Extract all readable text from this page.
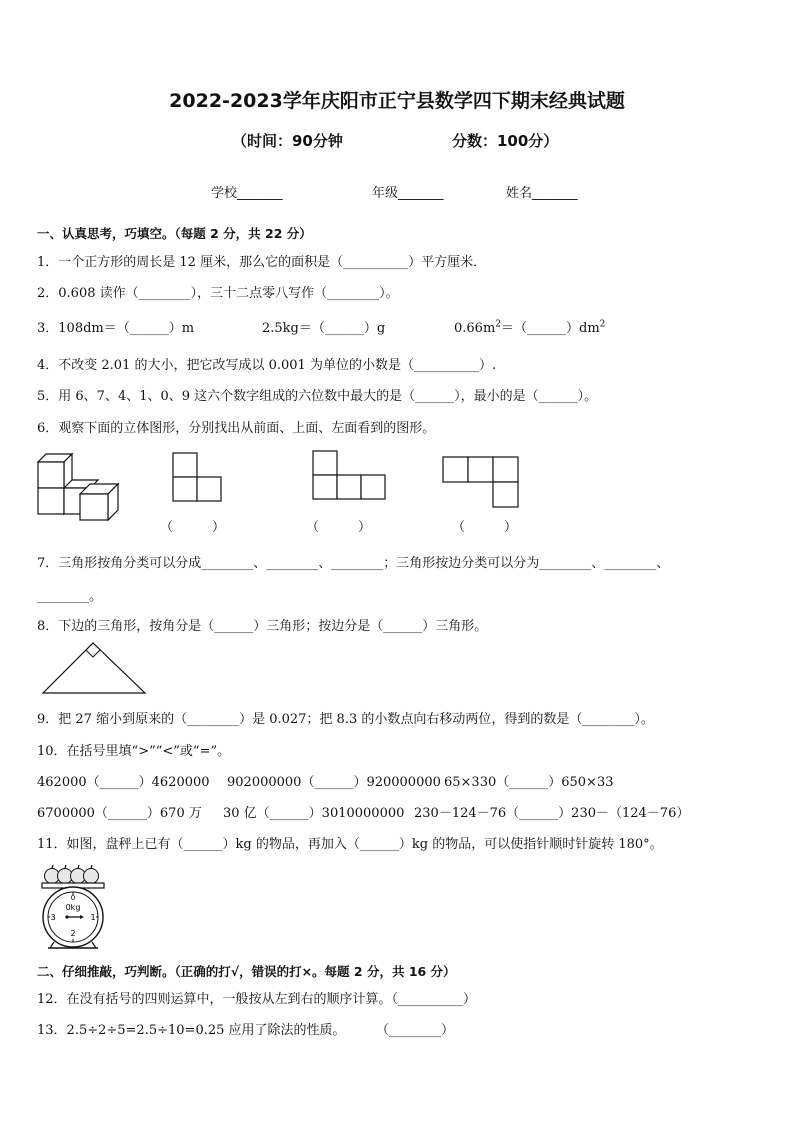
2022-2023学年庆阳市正宁县数学四下期末经典试题
（时间：90分钟	分数：100分）
学校_______	年级_______	姓名_______
一、认真思考，巧填空。（每题 2 分，共 22 分）
1．一个正方形的周长是 12 厘米，那么它的面积是（__________）平方厘米．
2．0.608 读作（________），三十二点零八写作（________）。
3．108dm＝（______）m	2.5kg＝（______）g	$0.66m^2=(\_\_\_\_\_\_)dm^2$
4．不改变 2.01 的大小，把它改写成以 0.001 为单位的小数是（__________）.
5．用 6、7、4、1、0、9 这六个数字组成的六位数中最大的是（______），最小的是（______）。
6．观察下面的立体图形，分别找出从前面、上面、左面看到的图形。
（　　　）	（　　　）	（　　　）
7．三角形按角分类可以分成________、________、________；三角形按边分类可以分为________、________、
________。
8．下边的三角形，按角分是（______）三角形；按边分是（______）三角形。
9．把 27 缩小到原来的（________）是 0.027；把 8.3 的小数点向右移动两位，得到的数是（________）。
10．在括号里填“>”“<”或“=”。
462000（______）4620000 902000000（______）920000000 65×330（______）650×33
6700000（______）670 万 30 亿（______）3010000000 230－124－76（______）230－（124－76）
11．如图，盘秤上已有（______）kg 的物品，再加入（______）kg 的物品，可以使指针顺时针旋转 180°。
0
0kg
3	1
2
二、仔细推敲，巧判断。（正确的打√，错误的打×。每题 2 分，共 16 分）
12．在没有括号的四则运算中，一般按从左到右的顺序计算。（__________）
13．2.5÷2÷5=2.5÷10=0.25 应用了除法的性质。 （________）
